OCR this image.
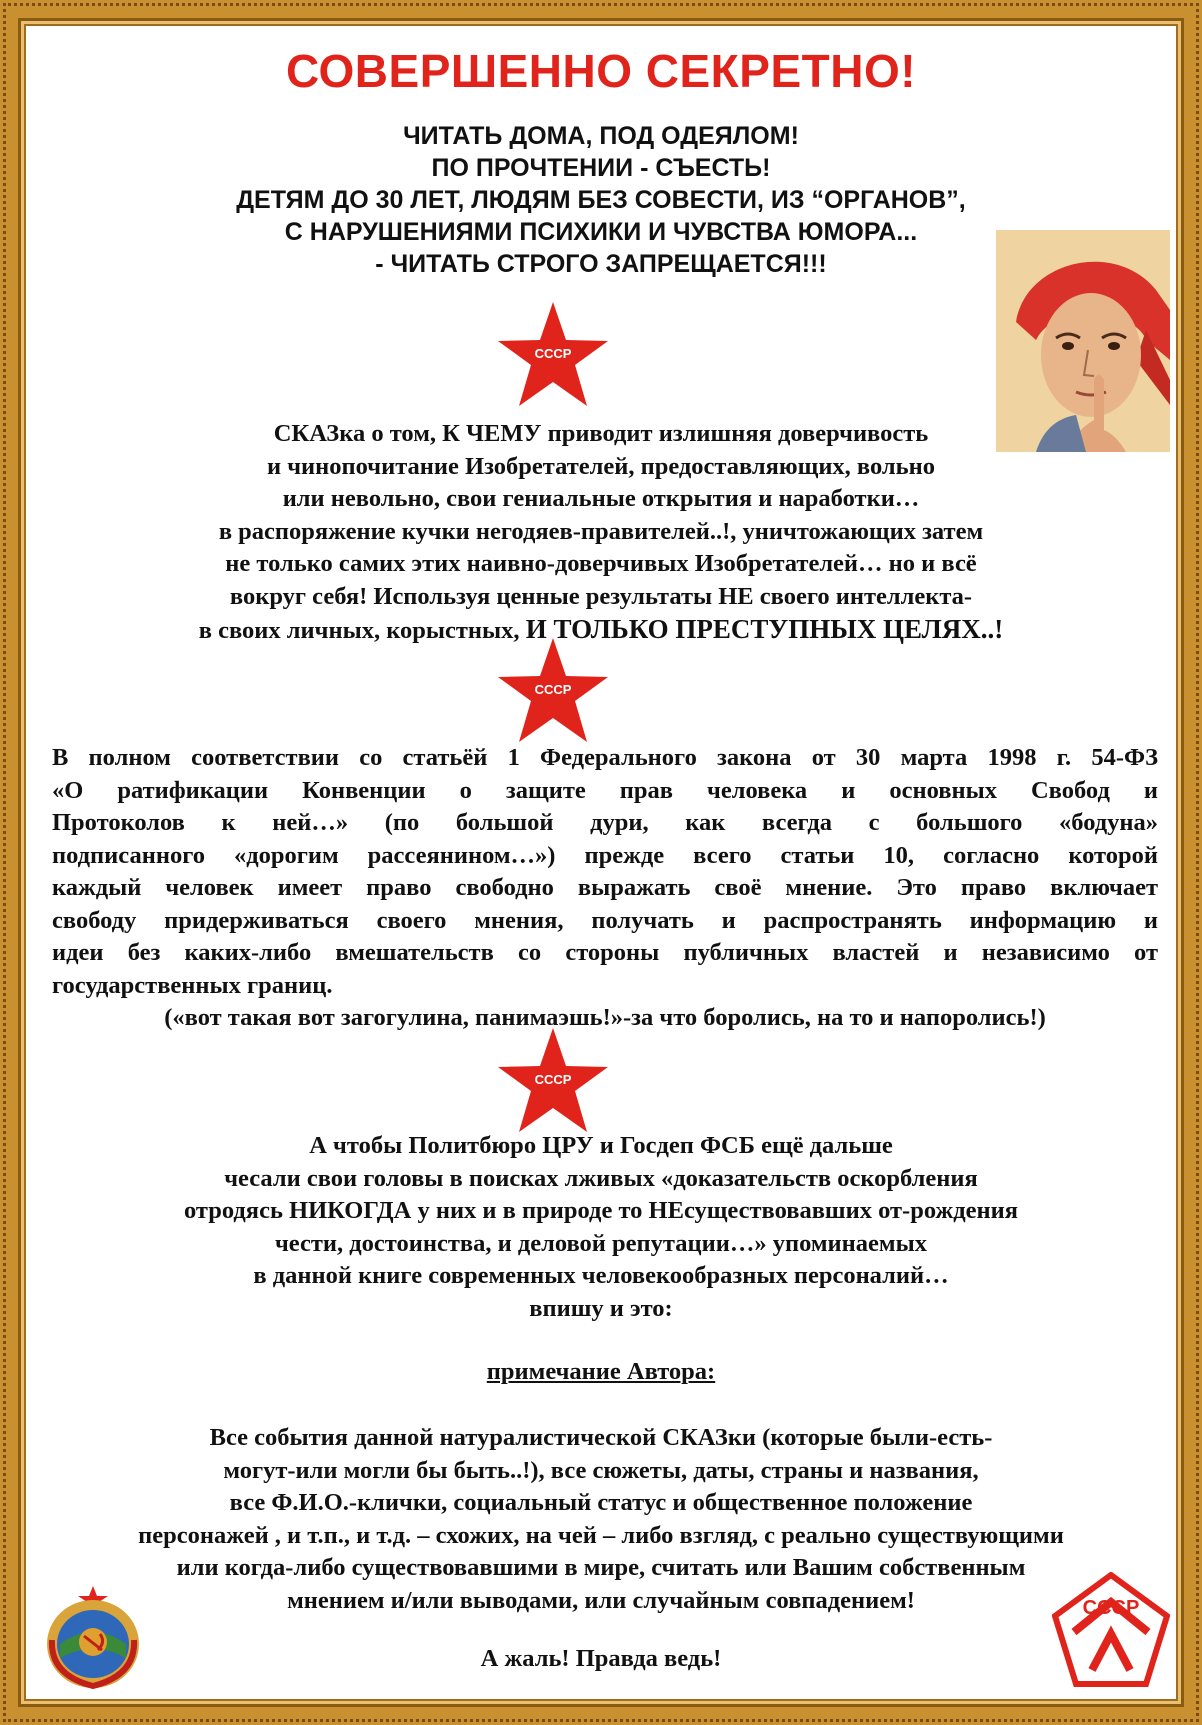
СОВЕРШЕННО СЕКРЕТНО!
ЧИТАТЬ ДОМА, ПОД ОДЕЯЛОМ!
ПО ПРОЧТЕНИИ - СЪЕСТЬ!
ДЕТЯМ ДО 30 ЛЕТ, ЛЮДЯМ БЕЗ СОВЕСТИ, ИЗ “ОРГАНОВ”,
С НАРУШЕНИЯМИ ПСИХИКИ И ЧУВСТВА ЮМОРА...
- ЧИТАТЬ СТРОГО ЗАПРЕЩАЕТСЯ!!!
СССР
СССР
СССР
СКАЗка о том, К ЧЕМУ приводит излишняя доверчивость
и чинопочитание Изобретателей, предоставляющих, вольно
или невольно, свои гениальные открытия и наработки…
в распоряжение кучки негодяев-правителей..!, уничтожающих затем
не только самих этих наивно-доверчивых Изобретателей… но и всё
вокруг себя! Используя ценные результаты НЕ своего интеллекта-
в своих личных, корыстных, И ТОЛЬКО ПРЕСТУПНЫХ ЦЕЛЯХ..!
В полном соответствии со статьёй 1 Федерального закона от 30 марта 1998 г. 54-ФЗ
«О ратификации Конвенции о защите прав человека и основных Свобод и
Протоколов к ней…» (по большой дури, как всегда с большого «бодуна»
подписанного «дорогим рассеянином…») прежде всего статьи 10, согласно которой
каждый человек имеет право свободно выражать своё мнение. Это право включает
свободу придерживаться своего мнения, получать и распространять информацию и
идеи без каких-либо вмешательств со стороны публичных властей и независимо от
государственных границ.
(«вот такая вот загогулина, панимаэшь!»-за что боролись, на то и напоролись!)
А чтобы Политбюро ЦРУ и Госдеп ФСБ ещё дальше
чесали свои головы в поисках лживых «доказательств оскорбления
отродясь НИКОГДА у них и в природе то НЕсуществовавших от-рождения
чести, достоинства, и деловой репутации…» упоминаемых
в данной книге современных человекообразных персоналий…
впишу и это:
примечание Автора:
Все события данной натуралистической СКАЗки (которые были-есть-
могут-или могли бы быть..!), все сюжеты, даты, страны и названия,
все Ф.И.О.-клички, социальный статус и общественное положение
персонажей , и т.п., и т.д. – схожих, на чей – либо взгляд, с реально существующими
или когда-либо существовавшими в мире, считать или Вашим собственным
мнением и/или выводами, или случайным совпадением!
А жаль! Правда ведь!
СССР
